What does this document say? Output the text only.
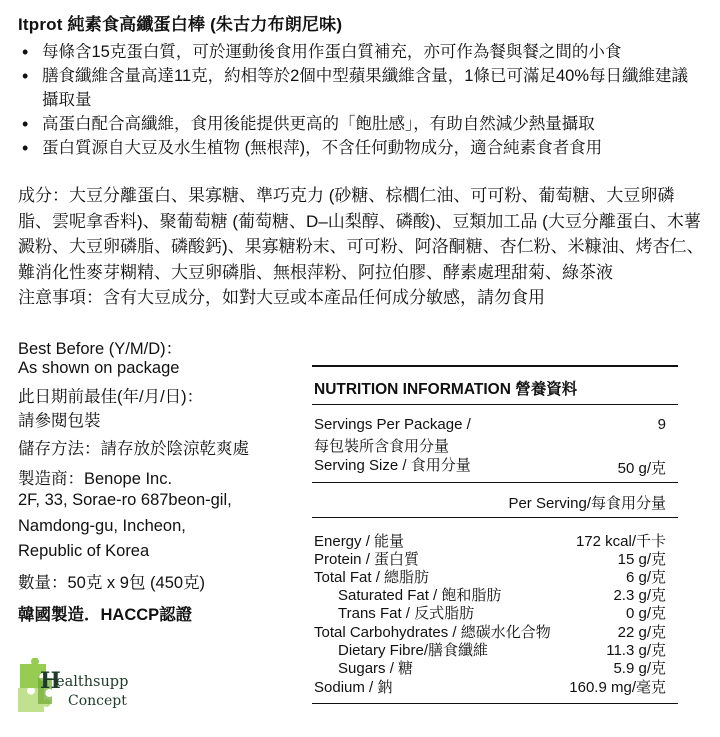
Itprot 純素食高纖蛋白棒 (朱古力布朗尼味)
• 每條含15克蛋白質，可於運動後食用作蛋白質補充，亦可作為餐與餐之間的小食
• 膳食纖維含量高達11克，約相等於2個中型蘋果纖維含量，1條已可滿足40%每日纖維建議攝取量
• 高蛋白配合高纖維，食用後能提供更高的「飽肚感」，有助自然減少熱量攝取
• 蛋白質源自大豆及水生植物 (無根萍)，不含任何動物成分，適合純素食者食用
成分：大豆分離蛋白、果寡糖、準巧克力 (砂糖、棕櫚仁油、可可粉、葡萄糖、大豆卵磷脂、雲呢拿香料)、聚葡萄糖 (葡萄糖、D–山梨醇、磷酸)、豆類加工品 (大豆分離蛋白、木薯澱粉、大豆卵磷脂、磷酸鈣)、果寡糖粉末、可可粉、阿洛酮糖、杏仁粉、米糠油、烤杏仁、難消化性麥芽糊精、大豆卵磷脂、無根萍粉、阿拉伯膠、酵素處理甜菊、綠茶液
注意事項：含有大豆成分，如對大豆或本產品任何成分敏感，請勿食用
Best Before (Y/M/D)：
As shown on package
此日期前最佳(年/月/日)：
請參閱包裝
儲存方法：請存放於陰涼乾爽處
製造商：Benope Inc.
2F, 33, Sorae-ro 687beon-gil,
Namdong-gu, Incheon,
Republic of Korea
數量：50克 x 9包 (450克)
韓國製造．HACCP認證
NUTRITION INFORMATION 營養資料
Servings Per Package /	9
每包裝所含食用分量
Serving Size / 食用分量	50 g/克
Per Serving/每食用分量
Energy / 能量	172 kcal/千卡
Protein / 蛋白質	15 g/克
Total Fat / 總脂肪	6 g/克
Saturated Fat / 飽和脂肪	2.3 g/克
Trans Fat / 反式脂肪	0 g/克
Total Carbohydrates / 總碳水化合物	22 g/克
Dietary Fibre/膳食纖維	11.3 g/克
Sugars / 糖	5.9 g/克
Sodium / 鈉	160.9 mg/毫克
H
ealthsupp
Concept
